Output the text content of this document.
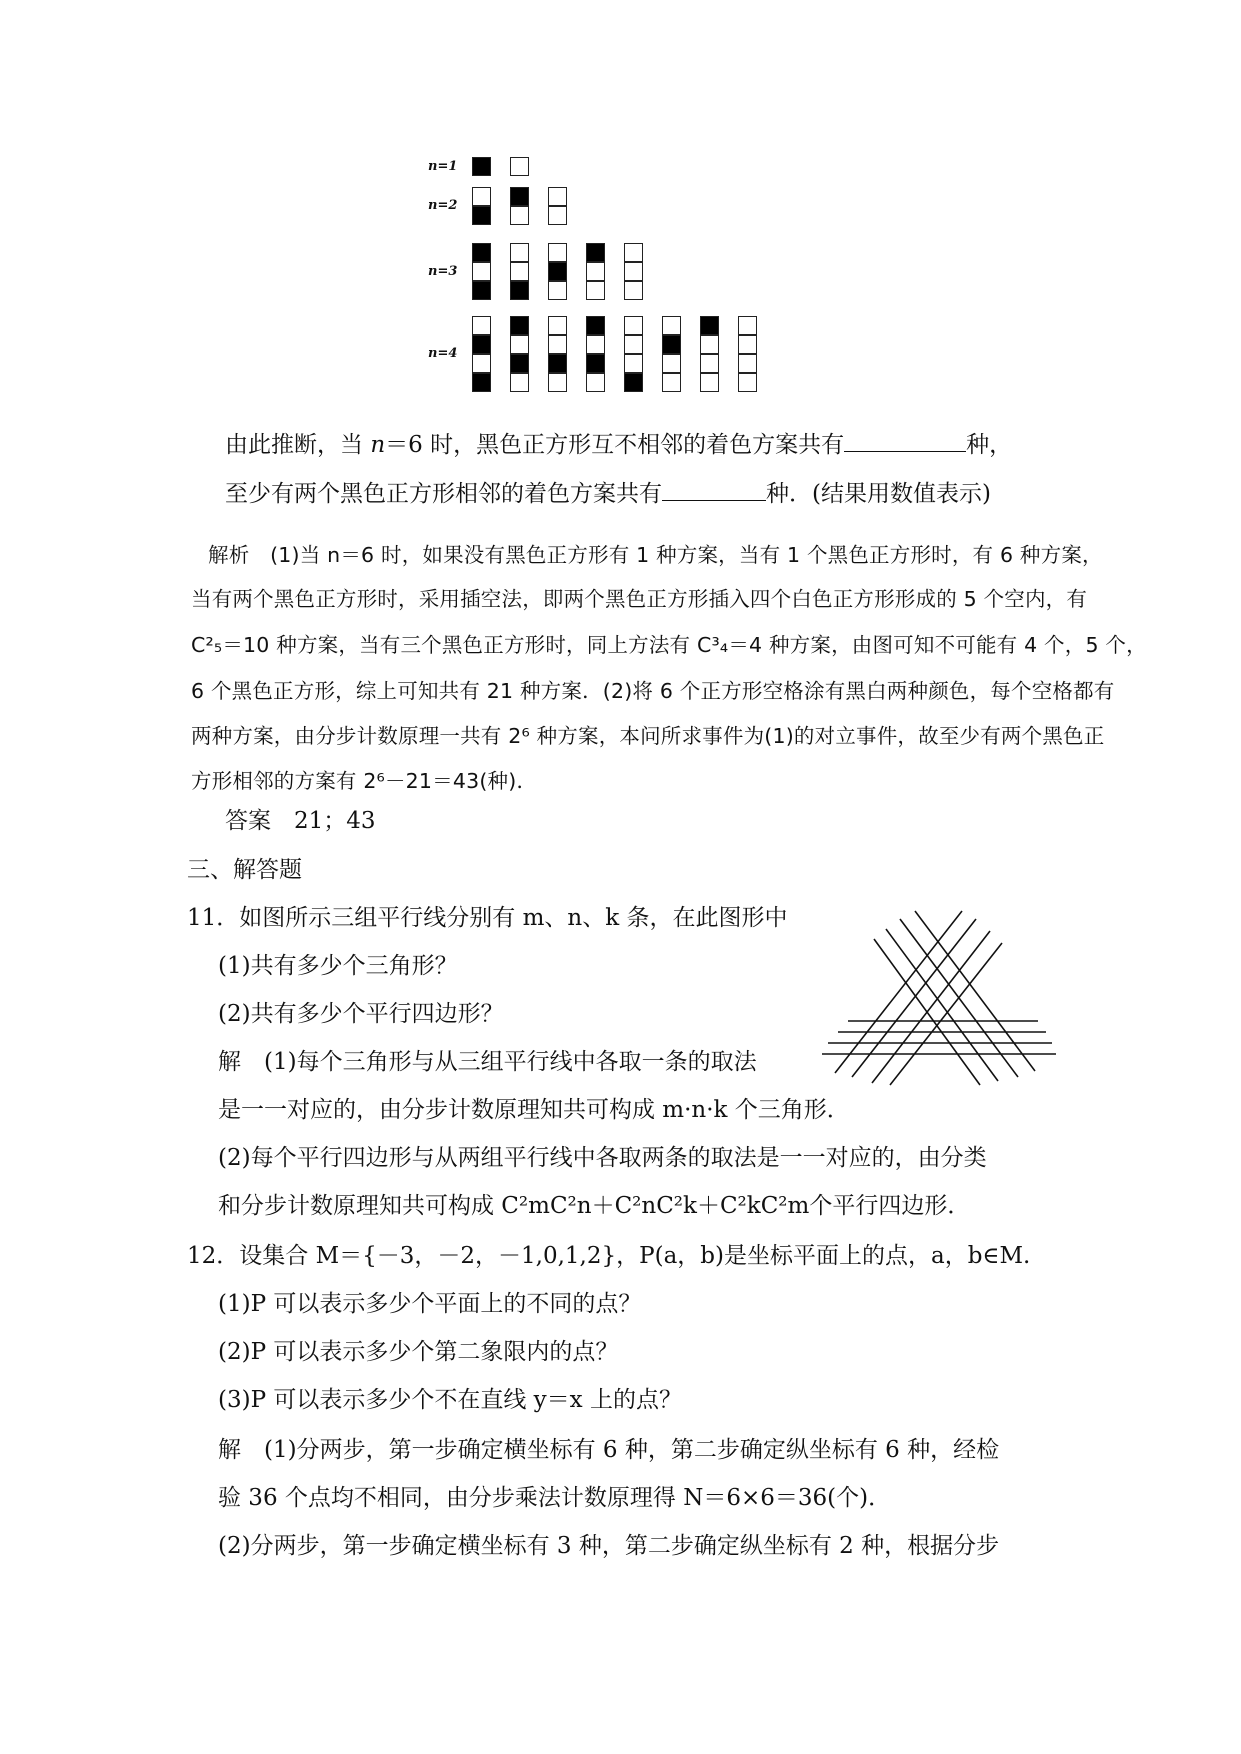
n=1
n=2
n=3
n=4
由此推断，当 n＝6 时，黑色正方形互不相邻的着色方案共有	种，
至少有两个黑色正方形相邻的着色方案共有	种．(结果用数值表示)
解析　(1)当 n＝6 时，如果没有黑色正方形有 1 种方案，当有 1 个黑色正方形时，有 6 种方案，
当有两个黑色正方形时，采用插空法，即两个黑色正方形插入四个白色正方形形成的 5 个空内，有
C²₅＝10 种方案，当有三个黑色正方形时，同上方法有 C³₄＝4 种方案，由图可知不可能有 4 个，5 个，
6 个黑色正方形，综上可知共有 21 种方案．(2)将 6 个正方形空格涂有黑白两种颜色，每个空格都有
两种方案，由分步计数原理一共有 2⁶ 种方案，本问所求事件为(1)的对立事件，故至少有两个黑色正
方形相邻的方案有 2⁶－21＝43(种)．
答案　21；43
三、解答题
11．如图所示三组平行线分别有 m、n、k 条，在此图形中
(1)共有多少个三角形？
(2)共有多少个平行四边形？
解　(1)每个三角形与从三组平行线中各取一条的取法
是一一对应的，由分步计数原理知共可构成 m·n·k 个三角形．
(2)每个平行四边形与从两组平行线中各取两条的取法是一一对应的，由分类
和分步计数原理知共可构成 C²mC²n＋C²nC²k＋C²kC²m个平行四边形．
12．设集合 M＝{－3，－2，－1,0,1,2}，P(a，b)是坐标平面上的点，a，b∈M.
(1)P 可以表示多少个平面上的不同的点？
(2)P 可以表示多少个第二象限内的点？
(3)P 可以表示多少个不在直线 y＝x 上的点？
解　(1)分两步，第一步确定横坐标有 6 种，第二步确定纵坐标有 6 种，经检
验 36 个点均不相同，由分步乘法计数原理得 N＝6×6＝36(个)．
(2)分两步，第一步确定横坐标有 3 种，第二步确定纵坐标有 2 种，根据分步
